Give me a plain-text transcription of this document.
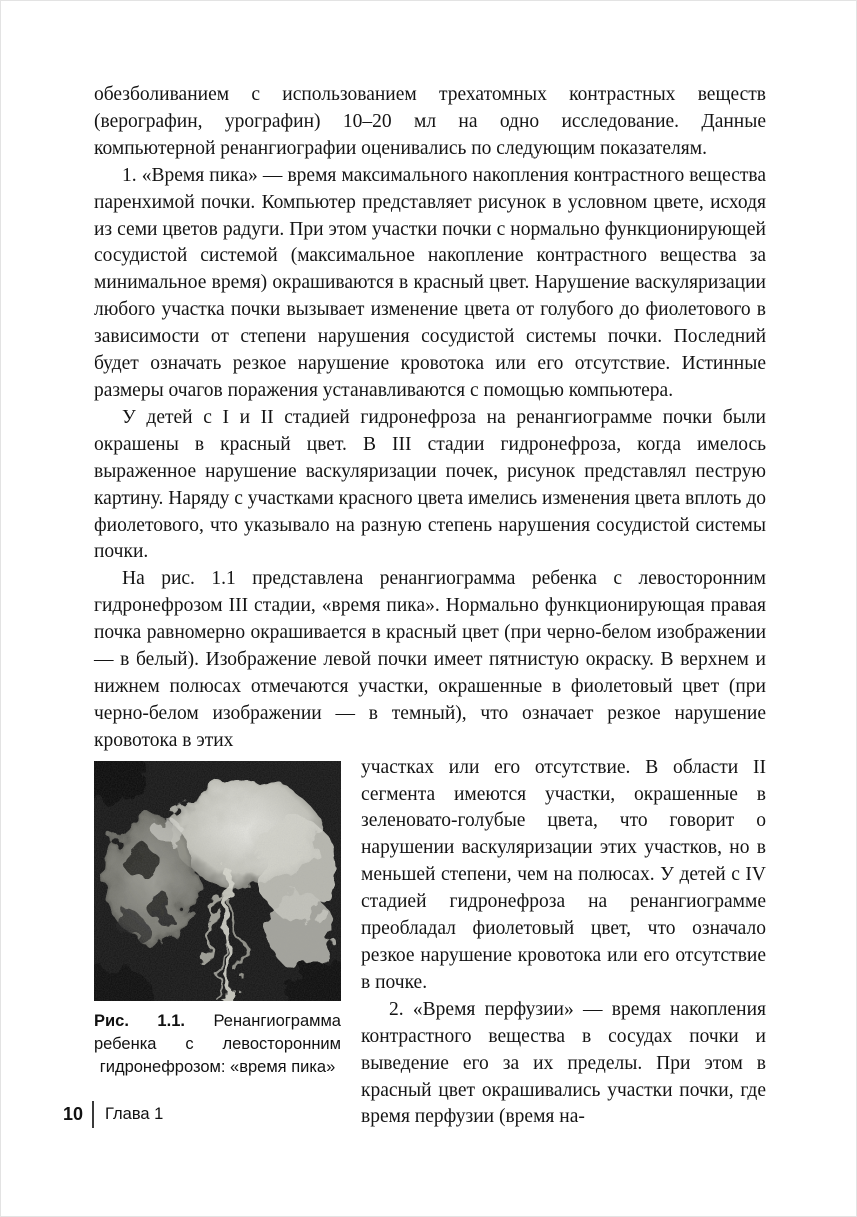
обезболиванием с использованием трехатомных контрастных веществ (верографин, урографин) 10–20 мл на одно исследование. Данные компьютерной ренангиографии оценивались по следующим показателям.

1. «Время пика» — время максимального накопления контрастного вещества паренхимой почки. Компьютер представляет рисунок в условном цвете, исходя из семи цветов радуги. При этом участки почки с нормально функционирующей сосудистой системой (максимальное накопление контрастного вещества за минимальное время) окрашиваются в красный цвет. Нарушение васкуляризации любого участка почки вызывает изменение цвета от голубого до фиолетового в зависимости от степени нарушения сосудистой системы почки. Последний будет означать резкое нарушение кровотока или его отсутствие. Истинные размеры очагов поражения устанавливаются с помощью компьютера.

У детей с I и II стадией гидронефроза на ренангиограмме почки были окрашены в красный цвет. В III стадии гидронефроза, когда имелось выраженное нарушение васкуляризации почек, рисунок представлял пеструю картину. Наряду с участками красного цвета имелись изменения цвета вплоть до фиолетового, что указывало на разную степень нарушения сосудистой системы почки.

На рис. 1.1 представлена ренангиограмма ребенка с левосторонним гидронефрозом III стадии, «время пика». Нормально функционирующая правая почка равномерно окрашивается в красный цвет (при черно-белом изображении — в белый). Изображение левой почки имеет пятнистую окраску. В верхнем и нижнем полюсах отмечаются участки, окрашенные в фиолетовый цвет (при черно-белом изображении — в темный), что означает резкое нарушение кровотока в этих

Рис. 1.1. Ренангиограмма ребенка с левосторонним гидронефрозом: «время пика»

участках или его отсутствие. В области II сегмента имеются участки, окрашенные в зеленовато-голубые цвета, что говорит о нарушении васкуляризации этих участков, но в меньшей степени, чем на полюсах. У детей с IV стадией гидронефроза на ренангиограмме преобладал фиолетовый цвет, что означало резкое нарушение кровотока или его отсутствие в почке.

2. «Время перфузии» — время накопления контрастного вещества в сосудах почки и выведение его за их пределы. При этом в красный цвет окрашивались участки почки, где время перфузии (время на-

10 Глава 1
